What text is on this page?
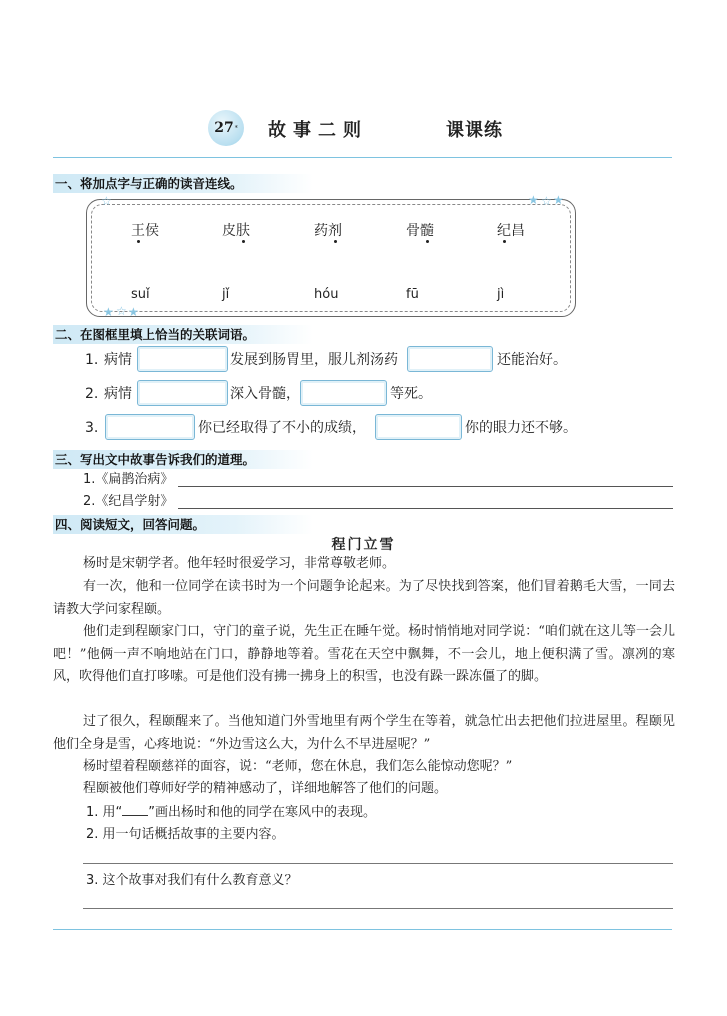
27 * 故事二则	课课练
一、将加点字与正确的读音连线。
☆	★ ☆ ★
★ ☆ ★
王侯	皮肤	药剂	骨髓	纪昌
suǐ	jǐ	hóu	fū	jì
二、在图框里填上恰当的关联词语。
1. 病情	发展到肠胃里，服儿剂汤药	还能治好。
2. 病情	深入骨髓，	等死。
3.	你已经取得了不小的成绩，	你的眼力还不够。
三、写出文中故事告诉我们的道理。
1.《扁鹊治病》
2.《纪昌学射》
四、阅读短文，回答问题。
程门立雪

杨时是宋朝学者。他年轻时很爱学习，非常尊敬老师。

有一次，他和一位同学在读书时为一个问题争论起来。为了尽快找到答案，他们冒着鹅毛大雪，一同去请教大学问家程颐。

他们走到程颐家门口，守门的童子说，先生正在睡午觉。杨时悄悄地对同学说：“咱们就在这儿等一会儿吧！”他俩一声不响地站在门口，静静地等着。雪花在天空中飘舞，不一会儿，地上便积满了雪。凛冽的寒风，吹得他们直打哆嗦。可是他们没有拂一拂身上的积雪，也没有跺一跺冻僵了的脚。

过了很久，程颐醒来了。当他知道门外雪地里有两个学生在等着，就急忙出去把他们拉进屋里。程颐见他们全身是雪，心疼地说：“外边雪这么大，为什么不早进屋呢？”

杨时望着程颐慈祥的面容，说：“老师，您在休息，我们怎么能惊动您呢？”

程颐被他们尊师好学的精神感动了，详细地解答了他们的问题。

1. 用“ ”画出杨时和他的同学在寒风中的表现。
2. 用一句话概括故事的主要内容。
3. 这个故事对我们有什么教育意义？
